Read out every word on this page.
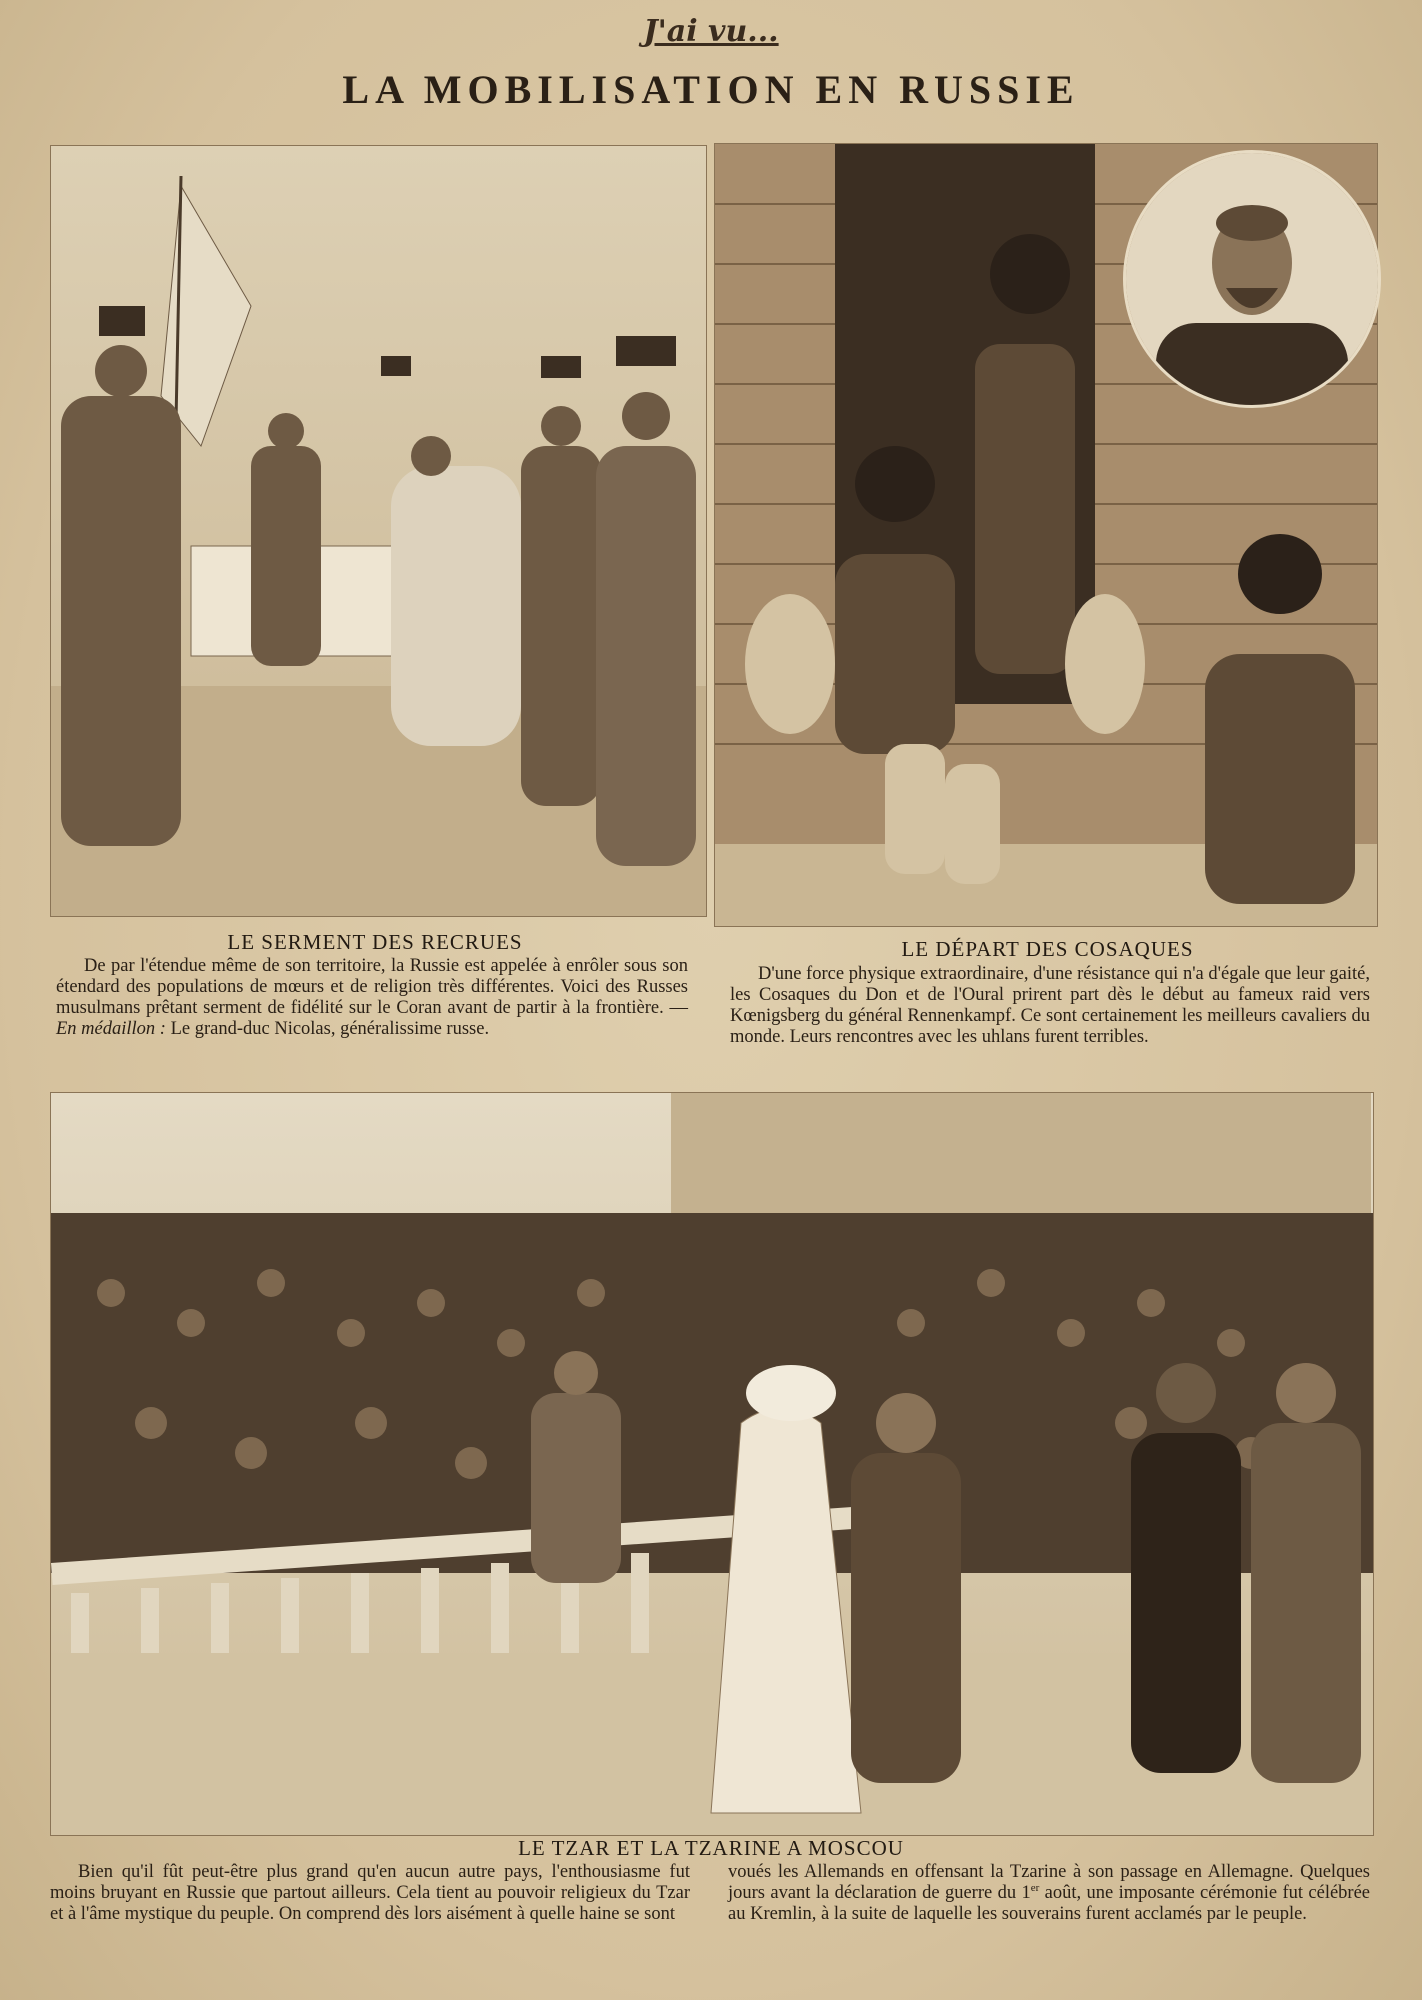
J'ai vu...
LA MOBILISATION EN RUSSIE
LE SERMENT DES RECRUES

De par l'étendue même de son territoire, la Russie est appelée à enrôler sous son étendard des populations de mœurs et de religion très différentes. Voici des Russes musulmans prêtant serment de fidélité sur le Coran avant de partir à la frontière. — En médaillon : Le grand-duc Nicolas, généralissime russe.

LE DÉPART DES COSAQUES

D'une force physique extraordinaire, d'une résistance qui n'a d'égale que leur gaité, les Cosaques du Don et de l'Oural prirent part dès le début au fameux raid vers Kœnigsberg du général Rennenkampf. Ce sont certainement les meilleurs cavaliers du monde. Leurs rencontres avec les uhlans furent terribles.

LE TZAR ET LA TZARINE A MOSCOU

Bien qu'il fût peut-être plus grand qu'en aucun autre pays, l'enthousiasme fut moins bruyant en Russie que partout ailleurs. Cela tient au pouvoir religieux du Tzar et à l'âme mystique du peuple. On comprend dès lors aisément à quelle haine se sont

voués les Allemands en offensant la Tzarine à son passage en Allemagne. Quelques jours avant la déclaration de guerre du 1er août, une imposante cérémonie fut célébrée au Kremlin, à la suite de laquelle les souverains furent acclamés par le peuple.
